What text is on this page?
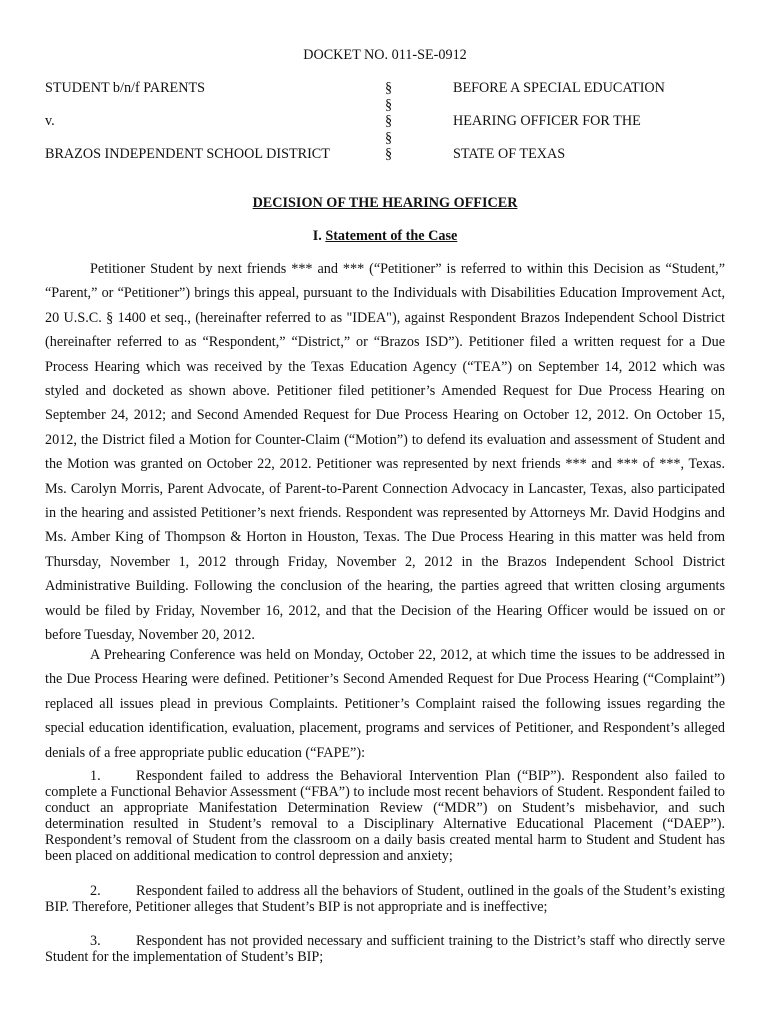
DOCKET NO. 011-SE-0912
STUDENT b/n/f PARENTS	§	BEFORE A SPECIAL EDUCATION
§
v.	§	HEARING OFFICER FOR THE
§
BRAZOS INDEPENDENT SCHOOL DISTRICT	§	STATE OF TEXAS
DECISION OF THE HEARING OFFICER
I. Statement of the Case
Petitioner Student by next friends *** and *** (“Petitioner” is referred to within this Decision as “Student,” “Parent,” or “Petitioner”) brings this appeal, pursuant to the Individuals with Disabilities Education Improvement Act, 20 U.S.C. § 1400 et seq., (hereinafter referred to as "IDEA"), against Respondent Brazos Independent School District (hereinafter referred to as “Respondent,” “District,” or “Brazos ISD”). Petitioner filed a written request for a Due Process Hearing which was received by the Texas Education Agency (“TEA”) on September 14, 2012 which was styled and docketed as shown above. Petitioner filed petitioner’s Amended Request for Due Process Hearing on September 24, 2012; and Second Amended Request for Due Process Hearing on October 12, 2012. On October 15, 2012, the District filed a Motion for Counter-Claim (“Motion”) to defend its evaluation and assessment of Student and the Motion was granted on October 22, 2012. Petitioner was represented by next friends *** and *** of ***, Texas. Ms. Carolyn Morris, Parent Advocate, of Parent-to-Parent Connection Advocacy in Lancaster, Texas, also participated in the hearing and assisted Petitioner’s next friends. Respondent was represented by Attorneys Mr. David Hodgins and Ms. Amber King of Thompson & Horton in Houston, Texas. The Due Process Hearing in this matter was held from Thursday, November 1, 2012 through Friday, November 2, 2012 in the Brazos Independent School District Administrative Building. Following the conclusion of the hearing, the parties agreed that written closing arguments would be filed by Friday, November 16, 2012, and that the Decision of the Hearing Officer would be issued on or before Tuesday, November 20, 2012.
A Prehearing Conference was held on Monday, October 22, 2012, at which time the issues to be addressed in the Due Process Hearing were defined. Petitioner’s Second Amended Request for Due Process Hearing (“Complaint”) replaced all issues plead in previous Complaints. Petitioner’s Complaint raised the following issues regarding the special education identification, evaluation, placement, programs and services of Petitioner, and Respondent’s alleged denials of a free appropriate public education (“FAPE”):
1. Respondent failed to address the Behavioral Intervention Plan (“BIP”). Respondent also failed to complete a Functional Behavior Assessment (“FBA”) to include most recent behaviors of Student. Respondent failed to conduct an appropriate Manifestation Determination Review (“MDR”) on Student’s misbehavior, and such determination resulted in Student’s removal to a Disciplinary Alternative Educational Placement (“DAEP”). Respondent’s removal of Student from the classroom on a daily basis created mental harm to Student and Student has been placed on additional medication to control depression and anxiety;
2. Respondent failed to address all the behaviors of Student, outlined in the goals of the Student’s existing BIP. Therefore, Petitioner alleges that Student’s BIP is not appropriate and is ineffective;
3. Respondent has not provided necessary and sufficient training to the District’s staff who directly serve Student for the implementation of Student’s BIP;
